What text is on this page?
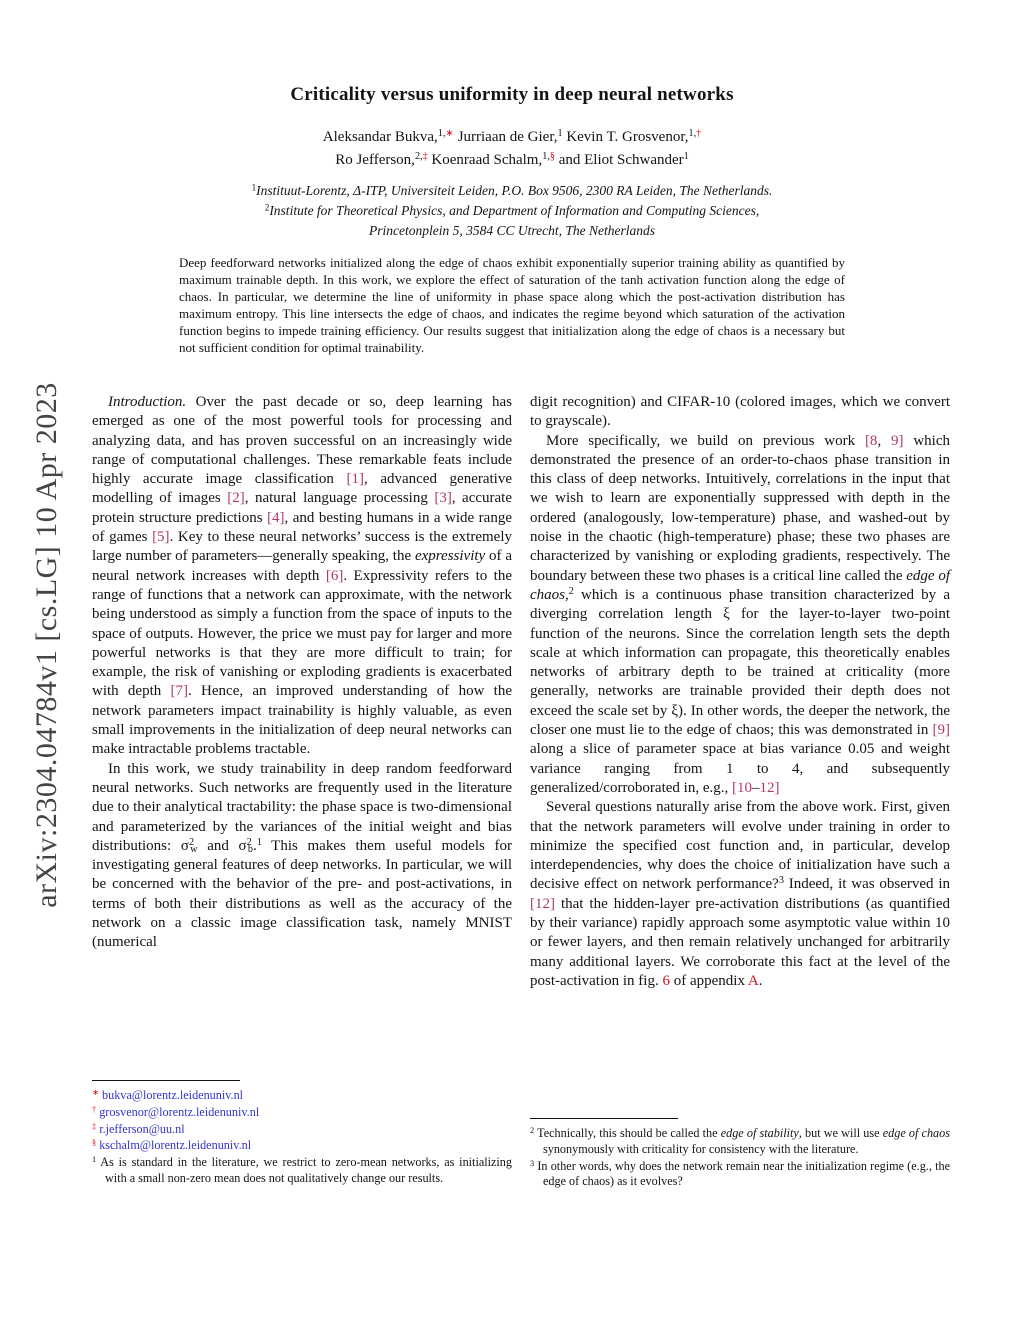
arXiv:2304.04784v1 [cs.LG] 10 Apr 2023
Criticality versus uniformity in deep neural networks
Aleksandar Bukva,$^{1,∗}$ Jurriaan de Gier,$^1$ Kevin T. Grosvenor,$^{1,\dagger}$
Ro Jefferson,$^{2,\ddagger}$ Koenraad Schalm,$^{1,\S}$ and Eliot Schwander$^1$
$^1$Instituut-Lorentz, Δ-ITP, Universiteit Leiden, P.O. Box 9506, 2300 RA Leiden, The Netherlands.
$^2$Institute for Theoretical Physics, and Department of Information and Computing Sciences,
Princetonplein 5, 3584 CC Utrecht, The Netherlands

Deep feedforward networks initialized along the edge of chaos exhibit exponentially superior training ability as quantified by maximum trainable depth. In this work, we explore the effect of saturation of the tanh activation function along the edge of chaos. In particular, we determine the line of uniformity in phase space along which the post-activation distribution has maximum entropy. This line intersects the edge of chaos, and indicates the regime beyond which saturation of the activation function begins to impede training efficiency. Our results suggest that initialization along the edge of chaos is a necessary but not sufficient condition for optimal trainability.

Introduction. Over the past decade or so, deep learning has emerged as one of the most powerful tools for processing and analyzing data, and has proven successful on an increasingly wide range of computational challenges. These remarkable feats include highly accurate image classification [1], advanced generative modelling of images [2], natural language processing [3], accurate protein structure predictions [4], and besting humans in a wide range of games [5]. Key to these neural networks’ success is the extremely large number of parameters—generally speaking, the expressivity of a neural network increases with depth [6]. Expressivity refers to the range of functions that a network can approximate, with the network being understood as simply a function from the space of inputs to the space of outputs. However, the price we must pay for larger and more powerful networks is that they are more difficult to train; for example, the risk of vanishing or exploding gradients is exacerbated with depth [7]. Hence, an improved understanding of how the network parameters impact trainability is highly valuable, as even small improvements in the initialization of deep neural networks can make intractable problems tractable.

In this work, we study trainability in deep random feedforward neural networks. Such networks are frequently used in the literature due to their analytical tractability: the phase space is two-dimensional and parameterized by the variances of the initial weight and bias distributions: $\sigma^2w$ and $\sigma^2b.^1$ This makes them useful models for investigating general features of deep networks. In particular, we will be concerned with the behavior of the pre- and post-activations, in terms of both their distributions as well as the accuracy of the network on a classic image classification task, namely MNIST (numerical

digit recognition) and CIFAR-10 (colored images, which we convert to grayscale).

More specifically, we build on previous work [8, 9] which demonstrated the presence of an order-to-chaos phase transition in this class of deep networks. Intuitively, correlations in the input that we wish to learn are exponentially suppressed with depth in the ordered (analogously, low-temperature) phase, and washed-out by noise in the chaotic (high-temperature) phase; these two phases are characterized by vanishing or exploding gradients, respectively. The boundary between these two phases is a critical line called the edge of chaos,$^2$ which is a continuous phase transition characterized by a diverging correlation length ξ for the layer-to-layer two-point function of the neurons. Since the correlation length sets the depth scale at which information can propagate, this theoretically enables networks of arbitrary depth to be trained at criticality (more generally, networks are trainable provided their depth does not exceed the scale set by ξ). In other words, the deeper the network, the closer one must lie to the edge of chaos; this was demonstrated in [9] along a slice of parameter space at bias variance 0.05 and weight variance ranging from 1 to 4, and subsequently generalized/corroborated in, e.g., [10–12]

Several questions naturally arise from the above work. First, given that the network parameters will evolve under training in order to minimize the specified cost function and, in particular, develop interdependencies, why does the choice of initialization have such a decisive effect on network performance?$^3$ Indeed, it was observed in [12] that the hidden-layer pre-activation distributions (as quantified by their variance) rapidly approach some asymptotic value within 10 or fewer layers, and then remain relatively unchanged for arbitrarily many additional layers. We corroborate this fact at the level of the post-activation in fig. 6 of appendix A.

∗ bukva@lorentz.leidenuniv.nl
† grosvenor@lorentz.leidenuniv.nl
‡ r.jefferson@uu.nl
§ kschalm@lorentz.leidenuniv.nl
$^1$ As is standard in the literature, we restrict to zero-mean networks, as initializing with a small non-zero mean does not qualitatively change our results.
$^2$ Technically, this should be called the edge of stability, but we will use edge of chaos synonymously with criticality for consistency with the literature.
$^3$ In other words, why does the network remain near the initialization regime (e.g., the edge of chaos) as it evolves?
